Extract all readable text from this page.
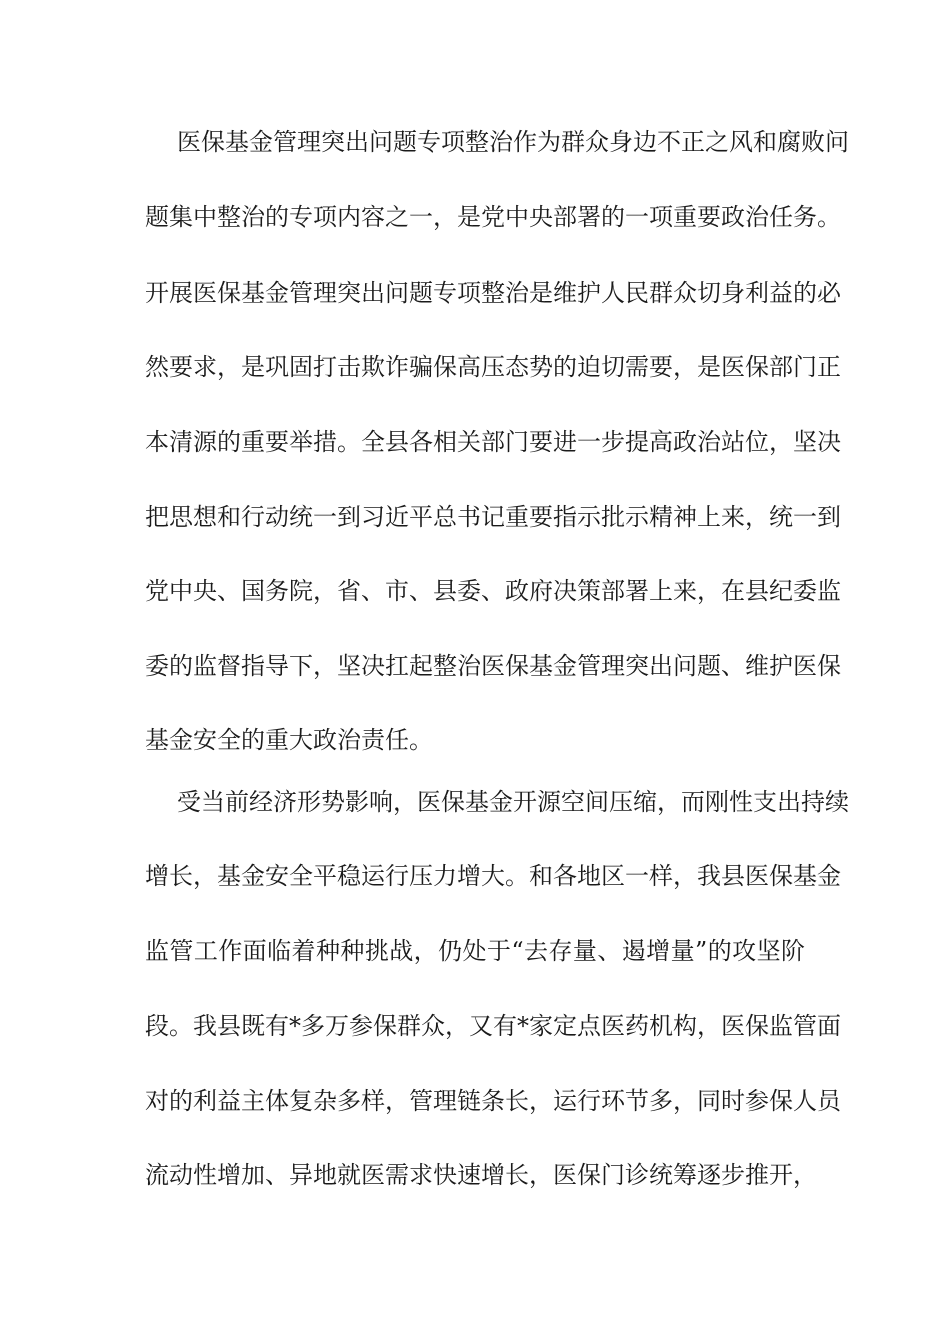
医保基金管理突出问题专项整治作为群众身边不正之风和腐败问
题集中整治的专项内容之一，是党中央部署的一项重要政治任务。
开展医保基金管理突出问题专项整治是维护人民群众切身利益的必
然要求，是巩固打击欺诈骗保高压态势的迫切需要，是医保部门正
本清源的重要举措。全县各相关部门要进一步提高政治站位，坚决
把思想和行动统一到习近平总书记重要指示批示精神上来，统一到
党中央、国务院，省、市、县委、政府决策部署上来，在县纪委监
委的监督指导下，坚决扛起整治医保基金管理突出问题、维护医保
基金安全的重大政治责任。
受当前经济形势影响，医保基金开源空间压缩，而刚性支出持续
增长，基金安全平稳运行压力增大。和各地区一样，我县医保基金
监管工作面临着种种挑战，仍处于“去存量、遏增量”的攻坚阶
段。我县既有*多万参保群众，又有*家定点医药机构，医保监管面
对的利益主体复杂多样，管理链条长，运行环节多，同时参保人员
流动性增加、异地就医需求快速增长，医保门诊统筹逐步推开，
